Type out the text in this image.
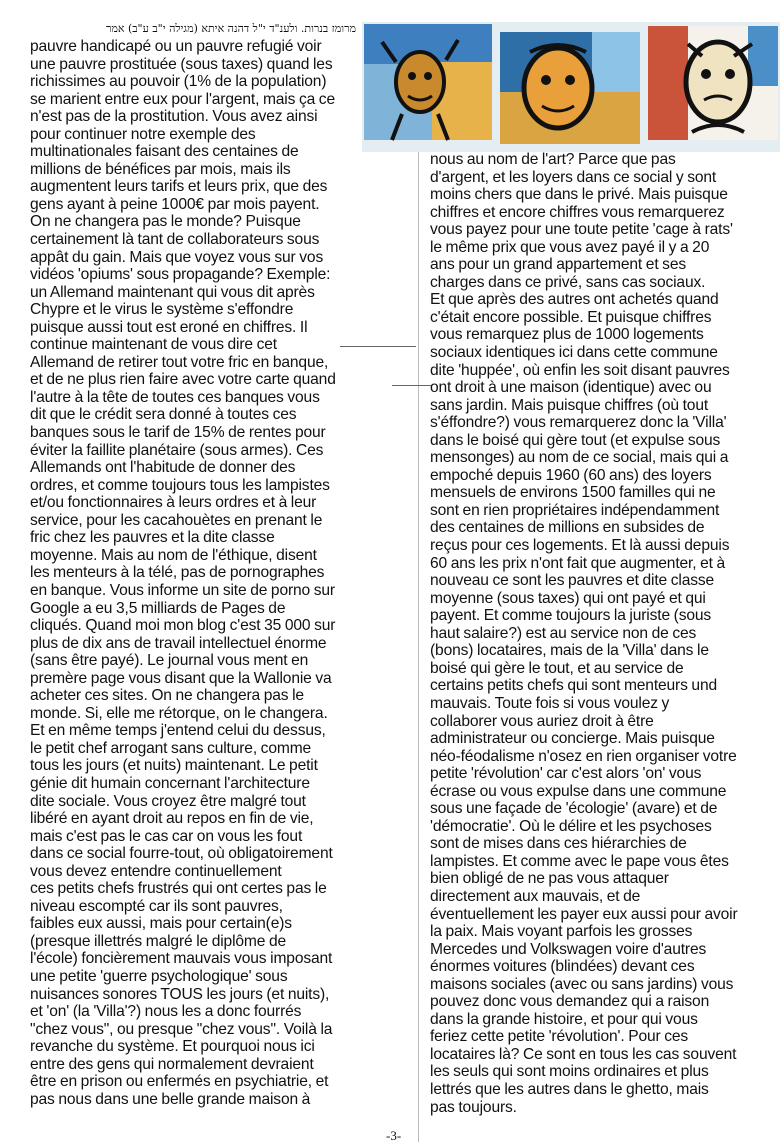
מרומז בנרות. ולענ"ד י"ל דהנה איתא (מגילה י"ב ע"ב) אמר
pauvre handicapé ou un pauvre refugié voir
une pauvre prostituée (sous taxes) quand les
richissimes au pouvoir (1% de la population)
se marient entre eux pour l'argent, mais ça ce
n'est pas de la prostitution. Vous avez ainsi
pour continuer notre exemple des
multinationales faisant des centaines de
millions de bénéfices par mois, mais ils
augmentent leurs tarifs et leurs prix, que des
gens ayant à peine 1000€ par mois payent.
On ne changera pas le monde? Puisque
certainement là tant de collaborateurs sous
appât du gain. Mais que voyez vous sur vos
vidéos 'opiums' sous propagande? Exemple:
un Allemand maintenant qui vous dit après
Chypre et le virus le système s'effondre
puisque aussi tout est eroné en chiffres. Il
continue maintenant de vous dire cet
Allemand de retirer tout votre fric en banque,
et de ne plus rien faire avec votre carte quand
l'autre à la tête de toutes ces banques vous
dit que le crédit sera donné à toutes ces
banques sous le tarif de 15% de rentes pour
éviter la faillite planétaire (sous armes). Ces
Allemands ont l'habitude de donner des
ordres, et comme toujours tous les lampistes
et/ou fonctionnaires à leurs ordres et à leur
service, pour les cacahouètes en prenant le
fric chez les pauvres et la dite classe
moyenne. Mais au nom de l'éthique, disent
les menteurs à la télé, pas de pornographes
en banque. Vous informe un site de porno sur
Google a eu 3,5 milliards de Pages de
cliqués. Quand moi mon blog c'est 35 000 sur
plus de dix ans de travail intellectuel énorme
(sans être payé). Le journal vous ment en
premère page vous disant que la Wallonie va
acheter ces sites. On ne changera pas le
monde. Si, elle me rétorque, on le changera.
Et en même temps j'entend celui du dessus,
le petit chef arrogant sans culture, comme
tous les jours (et nuits) maintenant. Le petit
génie dit humain concernant l'architecture
dite sociale. Vous croyez être malgré tout
libéré en ayant droit au repos en fin de vie,
mais c'est pas le cas car on vous les fout
dans ce social fourre-tout, où obligatoirement
vous devez entendre continuellement
ces petits chefs frustrés qui ont certes pas le
niveau escompté car ils sont pauvres,
faibles eux aussi, mais pour certain(e)s
(presque illettrés malgré le diplôme de
l'école) foncièrement mauvais vous imposant
une petite 'guerre psychologique' sous
nuisances sonores TOUS les jours (et nuits),
et 'on' (la 'Villa'?) nous les a donc fourrés
"chez vous", ou presque "chez vous". Voilà la
revanche du système. Et pourquoi nous ici
entre des gens qui normalement devraient
être en prison ou enfermés en psychiatrie, et
pas nous dans une belle grande maison à
nous au nom de l'art? Parce que pas
d'argent, et les loyers dans ce social y sont
moins chers que dans le privé. Mais puisque
chiffres et encore chiffres vous remarquerez
vous payez pour une toute petite 'cage à rats'
le même prix que vous avez payé il y a 20
ans pour un grand appartement et ses
charges dans ce privé, sans cas sociaux.
Et que après des autres ont achetés quand
c'était encore possible. Et puisque chiffres
vous remarquez plus de 1000 logements
sociaux identiques ici dans cette commune
dite 'huppée', où enfin les soit disant pauvres
ont droit à une maison (identique) avec ou
sans jardin. Mais puisque chiffres (où tout
s'éffondre?) vous remarquerez donc la 'Villa'
dans le boisé qui gère tout (et expulse sous
mensonges) au nom de ce social, mais qui a
empoché depuis 1960 (60 ans) des loyers
mensuels de environs 1500 familles qui ne
sont en rien propriétaires indépendamment
des centaines de millions en subsides de
reçus pour ces logements. Et là aussi depuis
60 ans les prix n'ont fait que augmenter, et à
nouveau ce sont les pauvres et dite classe
moyenne (sous taxes) qui ont payé et qui
payent. Et comme toujours la juriste (sous
haut salaire?) est au service non de ces
(bons) locataires, mais de la 'Villa' dans le
boisé qui gère le tout, et au service de
certains petits chefs qui sont menteurs und
mauvais. Toute fois si vous voulez y
collaborer vous auriez droit à être
administrateur ou concierge. Mais puisque
néo-féodalisme n'osez en rien organiser votre
petite 'révolution' car c'est alors 'on' vous
écrase ou vous expulse dans une commune
sous une façade de 'écologie' (avare) et de
'démocratie'. Où le délire et les psychoses
sont de mises dans ces hiérarchies de
lampistes. Et comme avec le pape vous êtes
bien obligé de ne pas vous attaquer
directement aux mauvais, et de
éventuellement les payer eux aussi pour avoir
la paix. Mais voyant parfois les grosses
Mercedes und Volkswagen voire d'autres
énormes voitures (blindées) devant ces
maisons sociales (avec ou sans jardins) vous
pouvez donc vous demandez qui a raison
dans la grande histoire, et pour qui vous
feriez cette petite 'révolution'. Pour ces
locataires là? Ce sont en tous les cas souvent
les seuls qui sont moins ordinaires et plus
lettrés que les autres dans le ghetto, mais
pas toujours.
-3-
